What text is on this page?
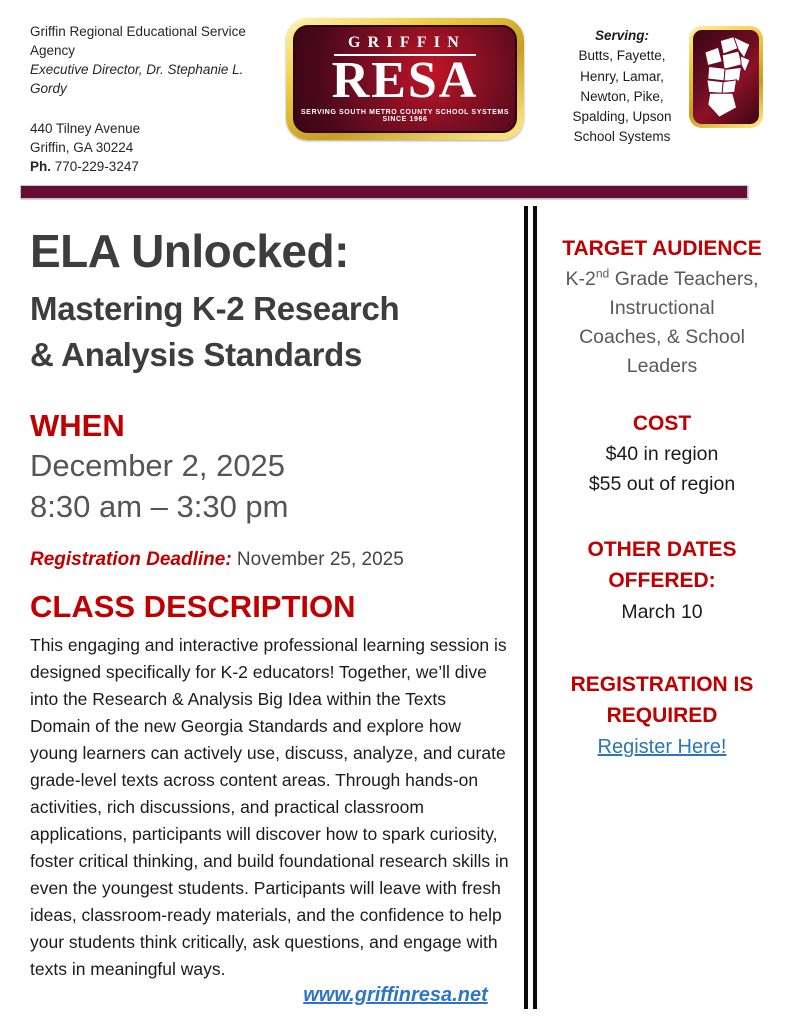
Griffin Regional Educational Service Agency
Executive Director, Dr. Stephanie L. Gordy
440 Tilney Avenue
Griffin, GA 30224
Ph. 770-229-3247
GRIFFIN
RESA
SERVING SOUTH METRO COUNTY SCHOOL SYSTEMS
SINCE 1966
Serving:
Butts, Fayette,
Henry, Lamar,
Newton, Pike,
Spalding, Upson
School Systems
ELA Unlocked:
Mastering K-2 Research
& Analysis Standards
WHEN
December 2, 2025
8:30 am – 3:30 pm
Registration Deadline: November 25, 2025
CLASS DESCRIPTION
This engaging and interactive professional learning session is designed specifically for K-2 educators! Together, we’ll dive into the Research & Analysis Big Idea within the Texts Domain of the new Georgia Standards and explore how young learners can actively use, discuss, analyze, and curate grade-level texts across content areas. Through hands-on activities, rich discussions, and practical classroom applications, participants will discover how to spark curiosity, foster critical thinking, and build foundational research skills in even the youngest students. Participants will leave with fresh ideas, classroom-ready materials, and the confidence to help your students think critically, ask questions, and engage with texts in meaningful ways.
TARGET AUDIENCE
K-2nd Grade Teachers,
Instructional
Coaches, & School
Leaders
COST
$40 in region
$55 out of region
OTHER DATES
OFFERED:
March 10
REGISTRATION IS
REQUIRED
Register Here!
www.griffinresa.net
